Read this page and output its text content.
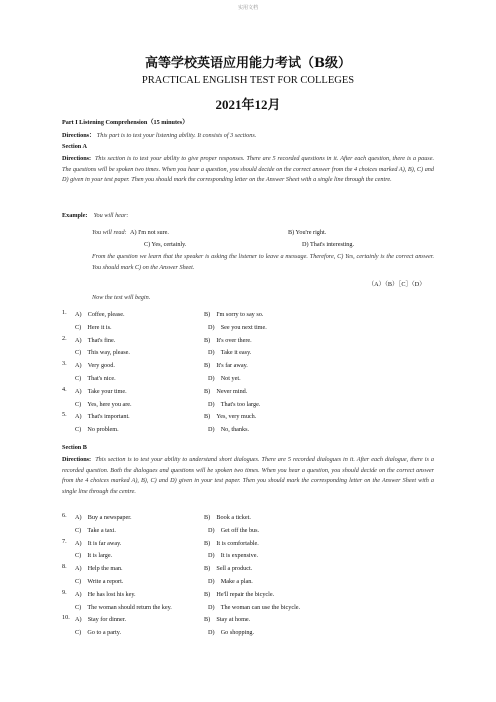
实用文档
高等学校英语应用能力考试（B级）
PRACTICAL ENGLISH TEST FOR COLLEGES
2021年12月
Part I Listening Comprehension（15 minutes）
Directions： This part is to test your listening ability. It consists of 3 sections.
Section A
Directions: This section is to test your ability to give proper responses. There are 5 recorded questions in it. After each question, there is a pause. The questions will be spoken two times. When you hear a question, you should decide on the correct answer from the 4 choices marked A), B), C) and D) given in your test paper. Then you should mark the corresponding letter on the Answer Sheet with a single line through the centre.
Example: You will hear:
You will read: A) I'm not sure.	B) You're right.
C) Yes, certainly.	D) That's interesting.
From the question we learn that the speaker is asking the listener to leave a message. Therefore, C) Yes, certainly is the correct answer. You should mark C) on the Answer Sheet.
（A）（B）［C］（D）
Now the test will begin.
1. A)　Coffee, please.	B)　I'm sorry to say so.
C)　Here it is.	D)　See you next time.
2. A)　That's fine.	B)　It's over there.
C)　This way, please.	D)　Take it easy.
3. A)　Very good.	B)　It's far away.
C)　That's nice.	D)　Not yet.
4. A)　Take your time.	B)　Never mind.
C)　Yes, here you are.	D)　That's too large.
5. A)　That's important.	B)　Yes, very much.
C)　No problem.	D)　No, thanks.
Section B
Directions: This section is to test your ability to understand short dialogues. There are 5 recorded dialogues in it. After each dialogue, there is a recorded question. Both the dialogues and questions will be spoken two times. When you hear a question, you should decide on the correct answer from the 4 choices marked A), B), C) and D) given in your test paper. Then you should mark the corresponding letter on the Answer Sheet with a single line through the centre.
6. A)　Buy a newspaper.	B)　Book a ticket.
C)　Take a taxi.	D)　Get off the bus.
7. A)　It is far away.	B)　It is comfortable.
C)　It is large.	D)　It is expensive.
8. A)　Help the man.	B)　Sell a product.
C)　Write a report.	D)　Make a plan.
9. A)　He has lost his key.	B)　He'll repair the bicycle.
C)　The woman should return the key.	D)　The woman can use the bicycle.
10. A)　Stay for dinner.	B)　Stay at home.
C)　Go to a party.	D)　Go shopping.
